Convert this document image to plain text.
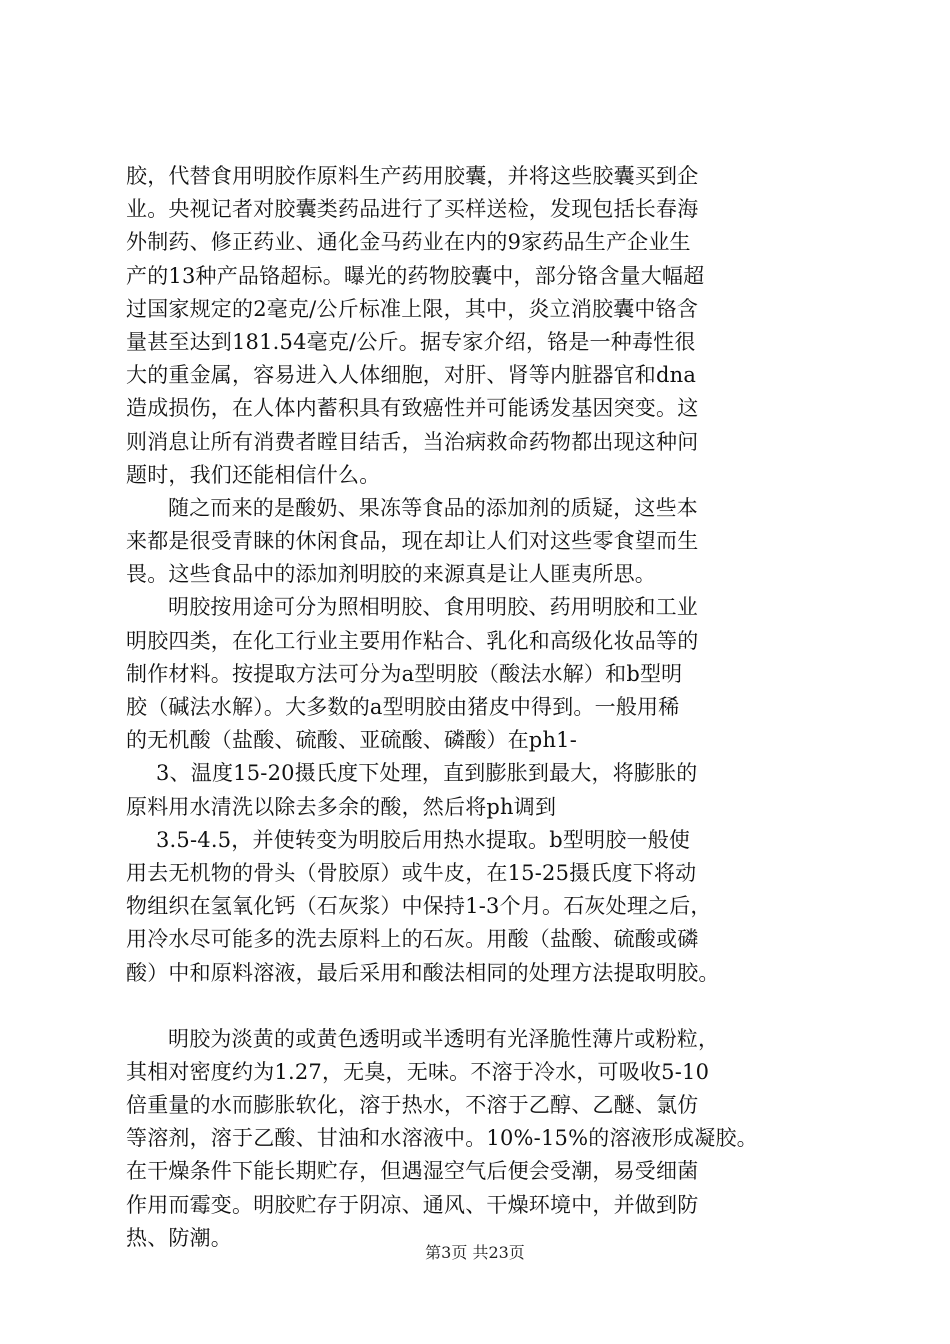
胶，代替食用明胶作原料生产药用胶囊，并将这些胶囊买到企
业。央视记者对胶囊类药品进行了买样送检，发现包括长春海
外制药、修正药业、通化金马药业在内的9家药品生产企业生
产的13种产品铬超标。曝光的药物胶囊中，部分铬含量大幅超
过国家规定的2毫克/公斤标准上限，其中，炎立消胶囊中铬含
量甚至达到181.54毫克/公斤。据专家介绍，铬是一种毒性很
大的重金属，容易进入人体细胞，对肝、肾等内脏器官和dna
造成损伤，在人体内蓄积具有致癌性并可能诱发基因突变。这
则消息让所有消费者瞠目结舌，当治病救命药物都出现这种问
题时，我们还能相信什么。
随之而来的是酸奶、果冻等食品的添加剂的质疑，这些本
来都是很受青睐的休闲食品，现在却让人们对这些零食望而生
畏。这些食品中的添加剂明胶的来源真是让人匪夷所思。
明胶按用途可分为照相明胶、食用明胶、药用明胶和工业
明胶四类，在化工行业主要用作粘合、乳化和高级化妆品等的
制作材料。按提取方法可分为a型明胶（酸法水解）和b型明
胶（碱法水解）。大多数的a型明胶由猪皮中得到。一般用稀
的无机酸（盐酸、硫酸、亚硫酸、磷酸）在ph1-
3、温度15-20摄氏度下处理，直到膨胀到最大，将膨胀的
原料用水清洗以除去多余的酸，然后将ph调到
3.5-4.5，并使转变为明胶后用热水提取。b型明胶一般使
用去无机物的骨头（骨胶原）或牛皮，在15-25摄氏度下将动
物组织在氢氧化钙（石灰浆）中保持1-3个月。石灰处理之后，
用冷水尽可能多的洗去原料上的石灰。用酸（盐酸、硫酸或磷
酸）中和原料溶液，最后采用和酸法相同的处理方法提取明胶。
明胶为淡黄的或黄色透明或半透明有光泽脆性薄片或粉粒，
其相对密度约为1.27，无臭，无味。不溶于冷水，可吸收5-10
倍重量的水而膨胀软化，溶于热水，不溶于乙醇、乙醚、氯仿
等溶剂，溶于乙酸、甘油和水溶液中。10%-15%的溶液形成凝胶。
在干燥条件下能长期贮存，但遇湿空气后便会受潮，易受细菌
作用而霉变。明胶贮存于阴凉、通风、干燥环境中，并做到防
热、防潮。
第3页 共23页
